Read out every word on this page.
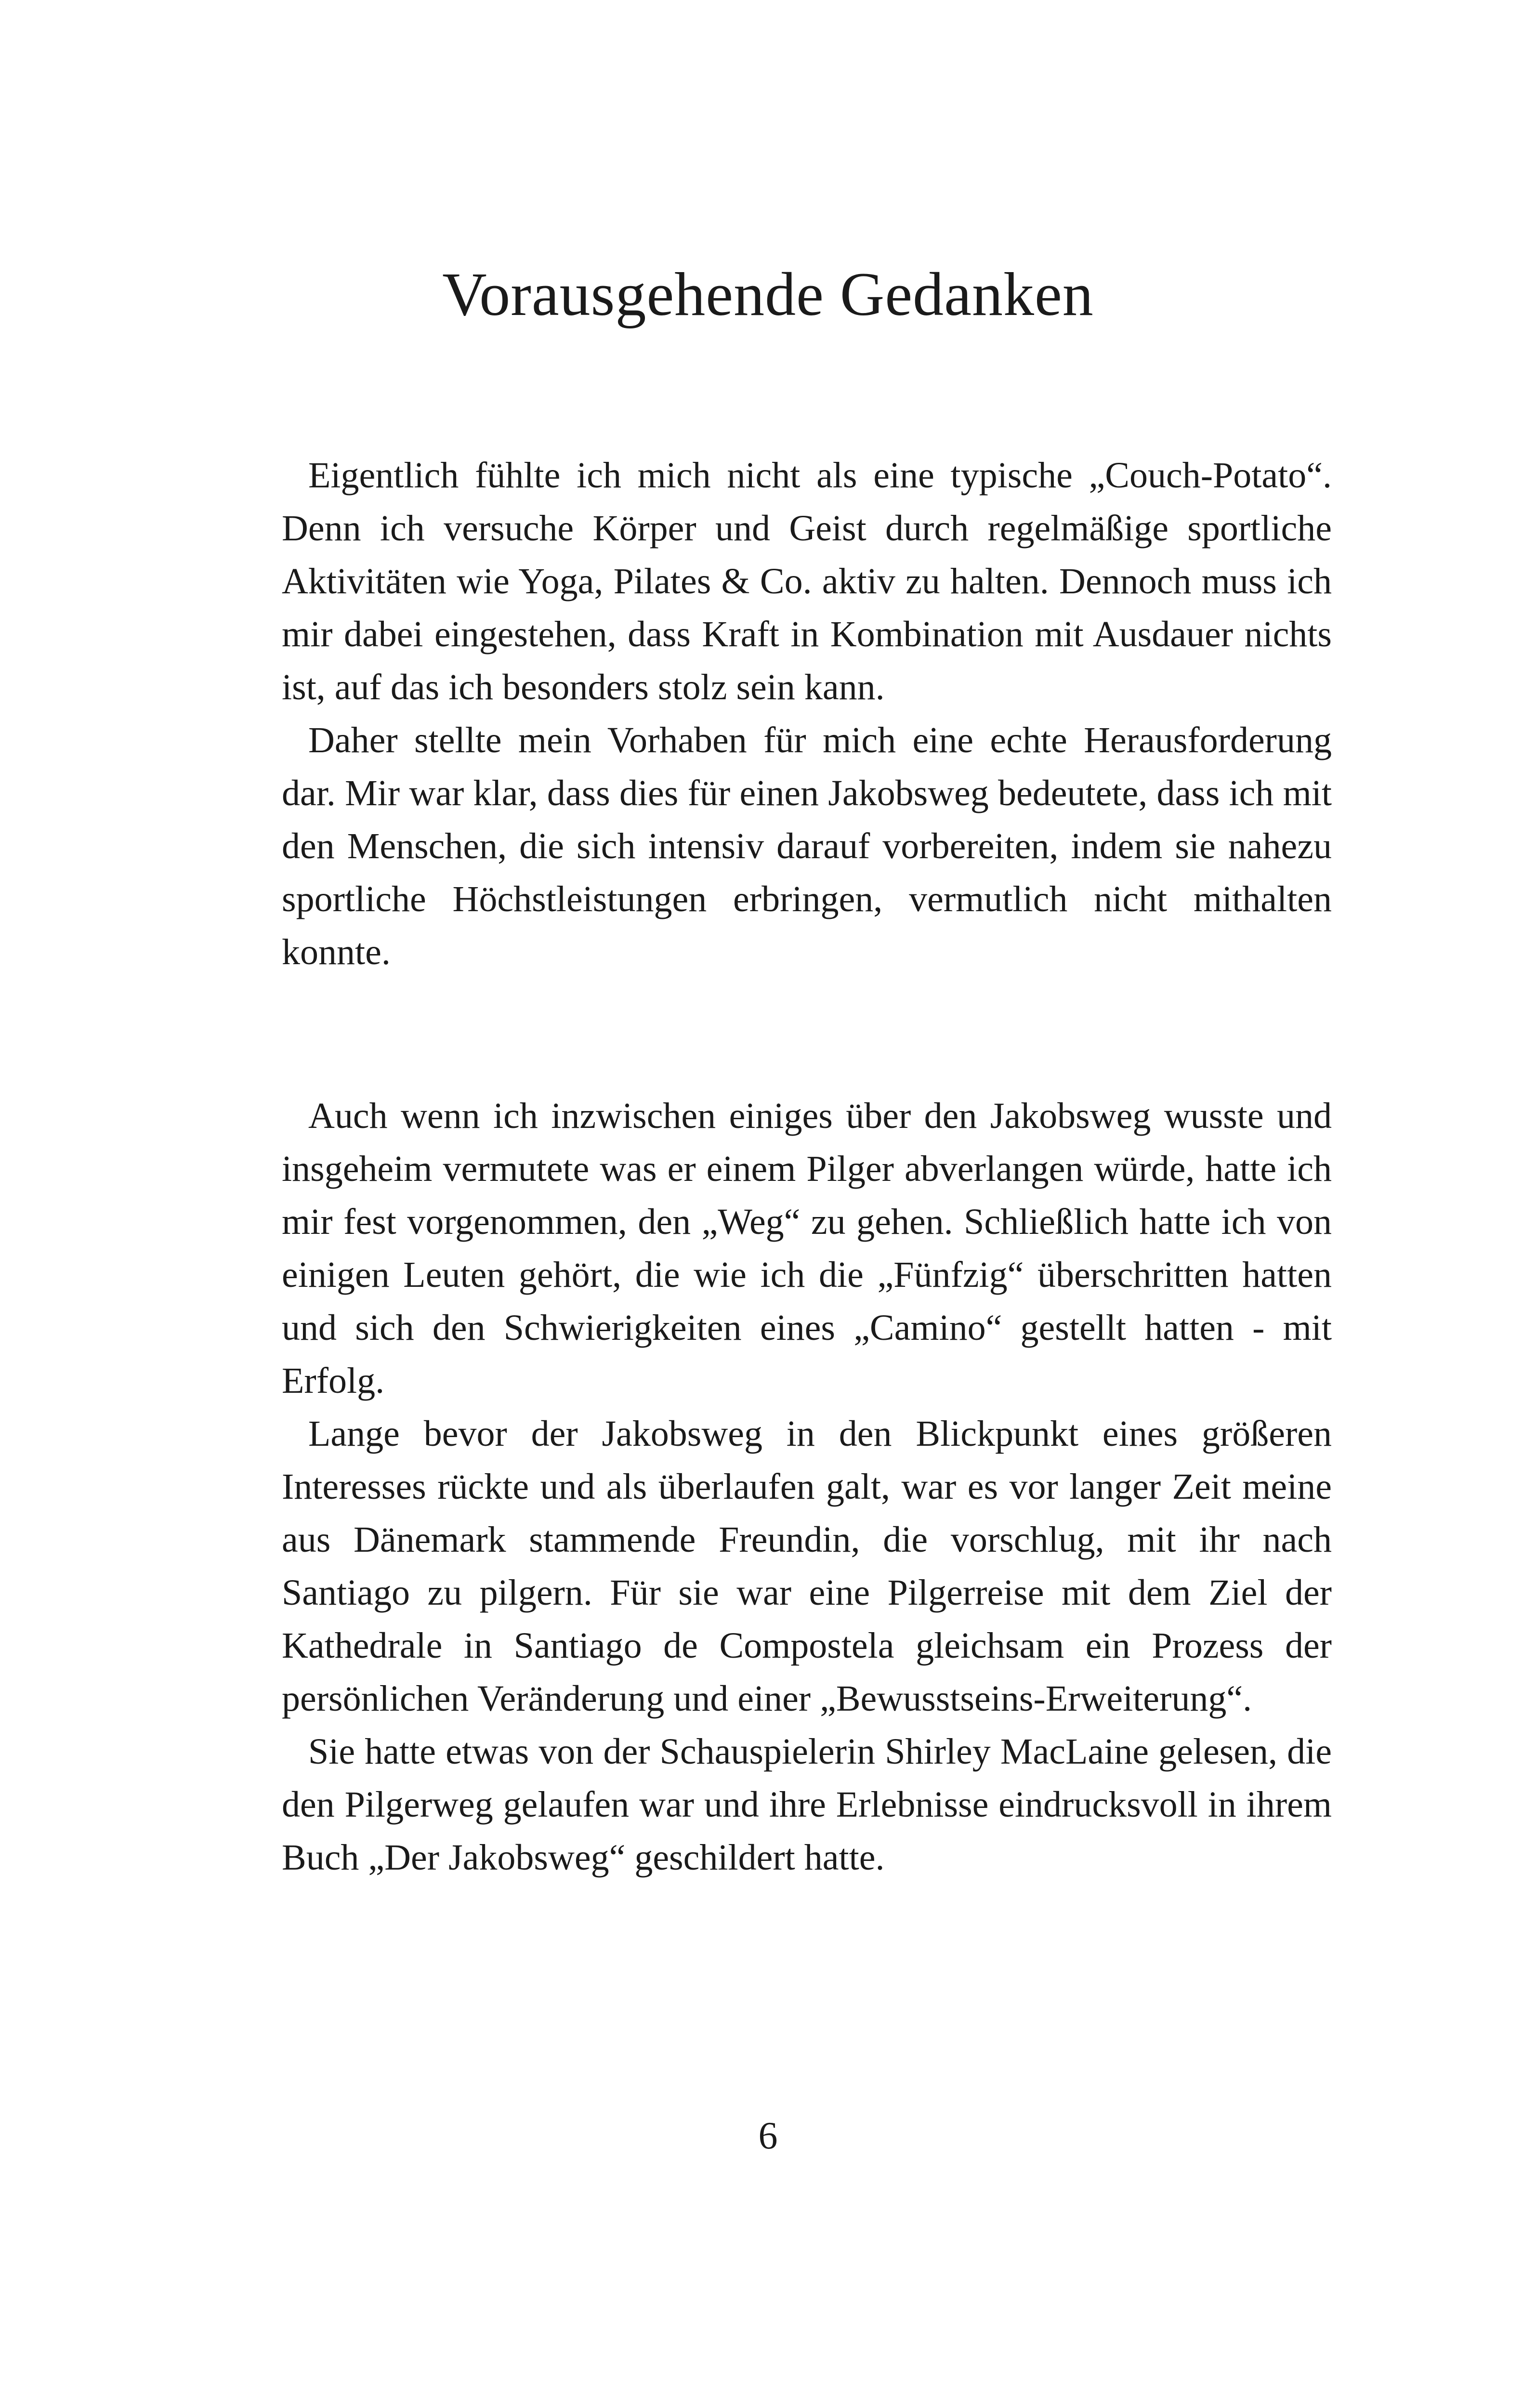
Vorausgehende Gedanken

Eigentlich fühlte ich mich nicht als eine typische „Couch-Potato“. Denn ich versuche Körper und Geist durch regelmäßige sportliche Aktivitäten wie Yoga, Pilates & Co. aktiv zu halten. Dennoch muss ich mir dabei eingestehen, dass Kraft in Kombination mit Ausdauer nichts ist, auf das ich besonders stolz sein kann.

Daher stellte mein Vorhaben für mich eine echte Herausforderung dar. Mir war klar, dass dies für einen Jakobsweg bedeutete, dass ich mit den Menschen, die sich intensiv darauf vorbereiten, indem sie nahezu sportliche Höchstleistungen erbringen, vermutlich nicht mithalten konnte.

Auch wenn ich inzwischen einiges über den Jakobsweg wusste und insgeheim vermutete was er einem Pilger abverlangen würde, hatte ich mir fest vorgenommen, den „Weg“ zu gehen. Schließlich hatte ich von einigen Leuten gehört, die wie ich die „Fünfzig“ überschritten hatten und sich den Schwierigkeiten eines „Camino“ gestellt hatten - mit Erfolg.

Lange bevor der Jakobsweg in den Blickpunkt eines größeren Interesses rückte und als überlaufen galt, war es vor langer Zeit meine aus Dänemark stammende Freundin, die vorschlug, mit ihr nach Santiago zu pilgern. Für sie war eine Pilgerreise mit dem Ziel der Kathedrale in Santiago de Compostela gleichsam ein Prozess der persönlichen Veränderung und einer „Bewusstseins-Erweiterung“.

Sie hatte etwas von der Schauspielerin Shirley MacLaine gelesen, die den Pilgerweg gelaufen war und ihre Erlebnisse eindrucksvoll in ihrem Buch „Der Jakobsweg“ geschildert hatte.

6
